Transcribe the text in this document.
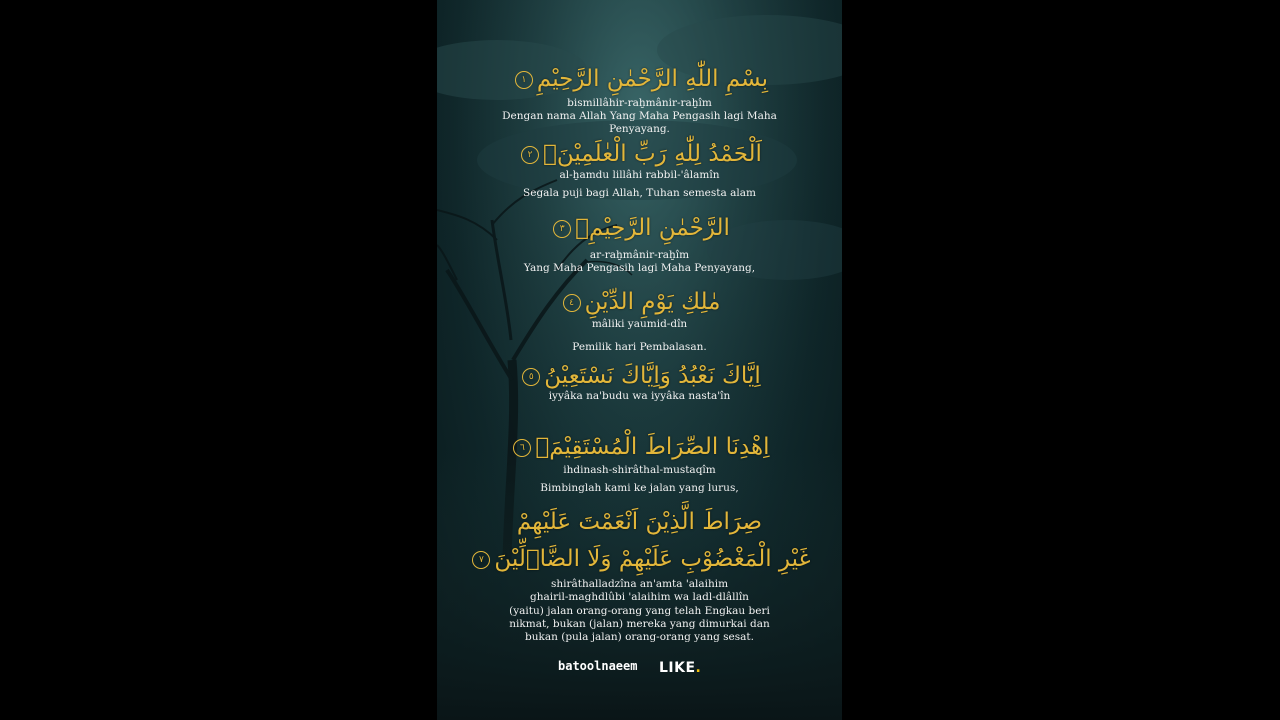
بِسْمِ اللّٰهِ الرَّحْمٰنِ الرَّحِيْمِ١
bismillâhir-raḫmânir-raḫîm
Dengan nama Allah Yang Maha Pengasih lagi Maha Penyayang.
اَلْحَمْدُ لِلّٰهِ رَبِّ الْعٰلَمِيْنَۙ٢
al-ḫamdu lillâhi rabbil-'âlamîn
Segala puji bagi Allah, Tuhan semesta alam
الرَّحْمٰنِ الرَّحِيْمِۙ٣
ar-raḫmânir-raḫîm
Yang Maha Pengasih lagi Maha Penyayang,
مٰلِكِ يَوْمِ الدِّيْنِ٤
mâliki yaumid-dîn
Pemilik hari Pembalasan.
اِيَّاكَ نَعْبُدُ وَاِيَّاكَ نَسْتَعِيْنُ٥
iyyâka na'budu wa iyyâka nasta'în
اِهْدِنَا الصِّرَاطَ الْمُسْتَقِيْمَۙ٦
ihdinash-shirâthal-mustaqîm
Bimbinglah kami ke jalan yang lurus,
صِرَاطَ الَّذِيْنَ اَنْعَمْتَ عَلَيْهِمْ
غَيْرِ الْمَغْضُوْبِ عَلَيْهِمْ وَلَا الضَّاۤلِّيْنَ٧
shirâthalladzîna an'amta 'alaihim
ghairil-maghdlûbi 'alaihim wa ladl-dlâllîn
(yaitu) jalan orang-orang yang telah Engkau beri nikmat, bukan (jalan) mereka yang dimurkai dan bukan (pula jalan) orang-orang yang sesat.
batoolnaeem LIKE.
